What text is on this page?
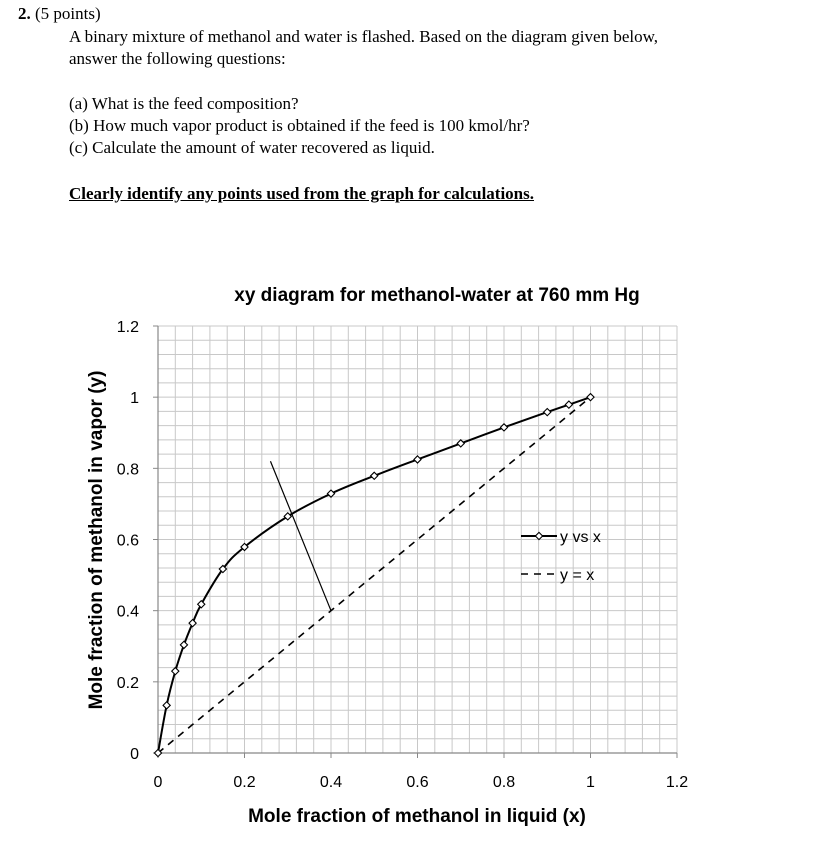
2. (5 points)
A binary mixture of methanol and water is flashed. Based on the diagram given below,
answer the following questions:
(a) What is the feed composition?
(b) How much vapor product is obtained if the feed is 100 kmol/hr?
(c) Calculate the amount of water recovered as liquid.
Clearly identify any points used from the graph for calculations.
xy diagram for methanol-water at 760 mm Hg
0	0.2	0.4	0.6	0.8	1	1.2
0
0.2
0.4
0.6
0.8
1
1.2
Mole fraction of methanol in liquid (x)
Mole fraction of methanol in vapor (y)	y vs x
y = x
